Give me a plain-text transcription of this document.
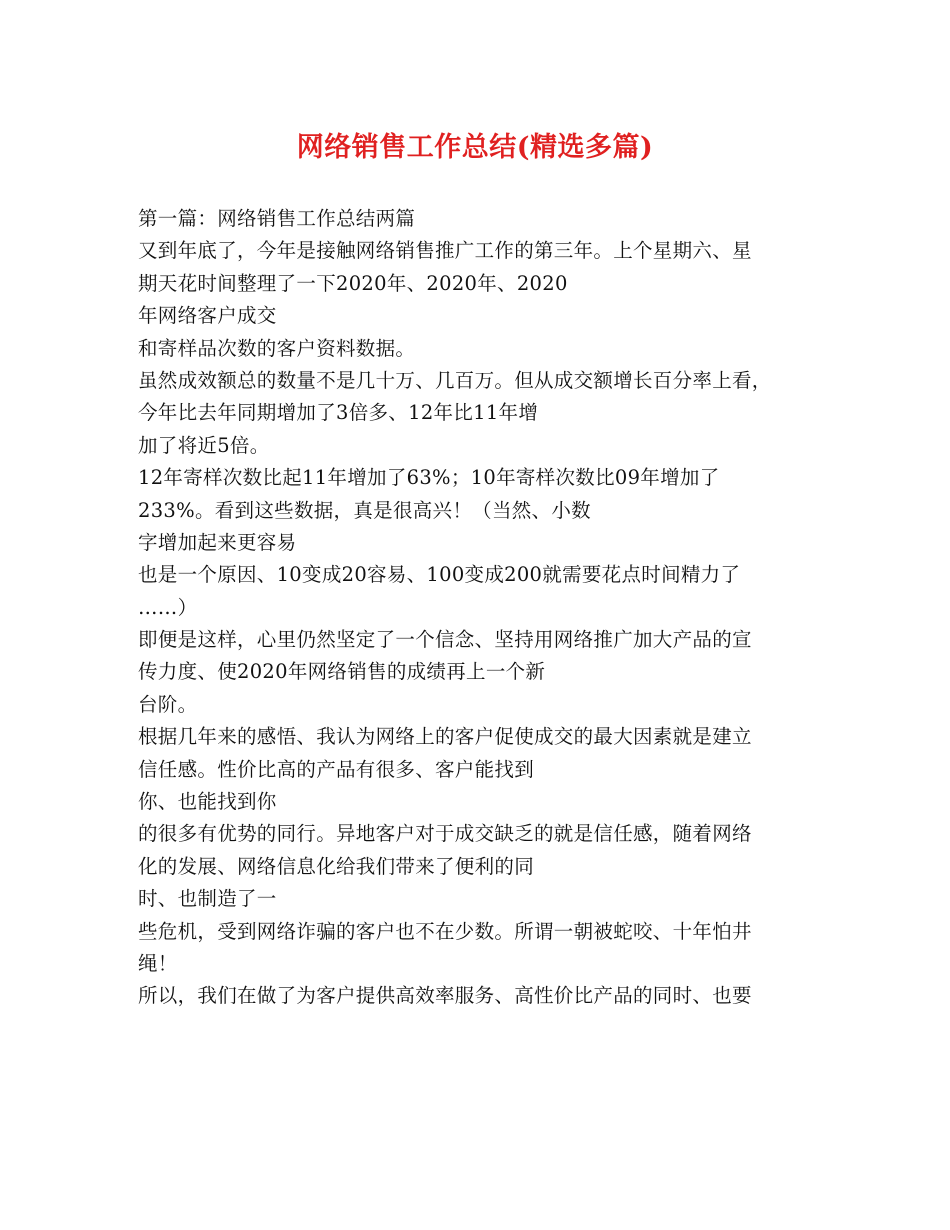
网络销售工作总结(精选多篇)
第一篇：网络销售工作总结两篇
又到年底了，今年是接触网络销售推广工作的第三年。上个星期六、星
期天花时间整理了一下2020年、2020年、2020
年网络客户成交
和寄样品次数的客户资料数据。
虽然成效额总的数量不是几十万、几百万。但从成交额增长百分率上看，
今年比去年同期增加了3倍多、12年比11年增
加了将近5倍。
12年寄样次数比起11年增加了63%；10年寄样次数比09年增加了
233%。看到这些数据，真是很高兴！（当然、小数
字增加起来更容易
也是一个原因、10变成20容易、100变成200就需要花点时间精力了
……）
即便是这样，心里仍然坚定了一个信念、坚持用网络推广加大产品的宣
传力度、使2020年网络销售的成绩再上一个新
台阶。
根据几年来的感悟、我认为网络上的客户促使成交的最大因素就是建立
信任感。性价比高的产品有很多、客户能找到
你、也能找到你
的很多有优势的同行。异地客户对于成交缺乏的就是信任感，随着网络
化的发展、网络信息化给我们带来了便利的同
时、也制造了一
些危机，受到网络诈骗的客户也不在少数。所谓一朝被蛇咬、十年怕井
绳！
所以，我们在做了为客户提供高效率服务、高性价比产品的同时、也要
